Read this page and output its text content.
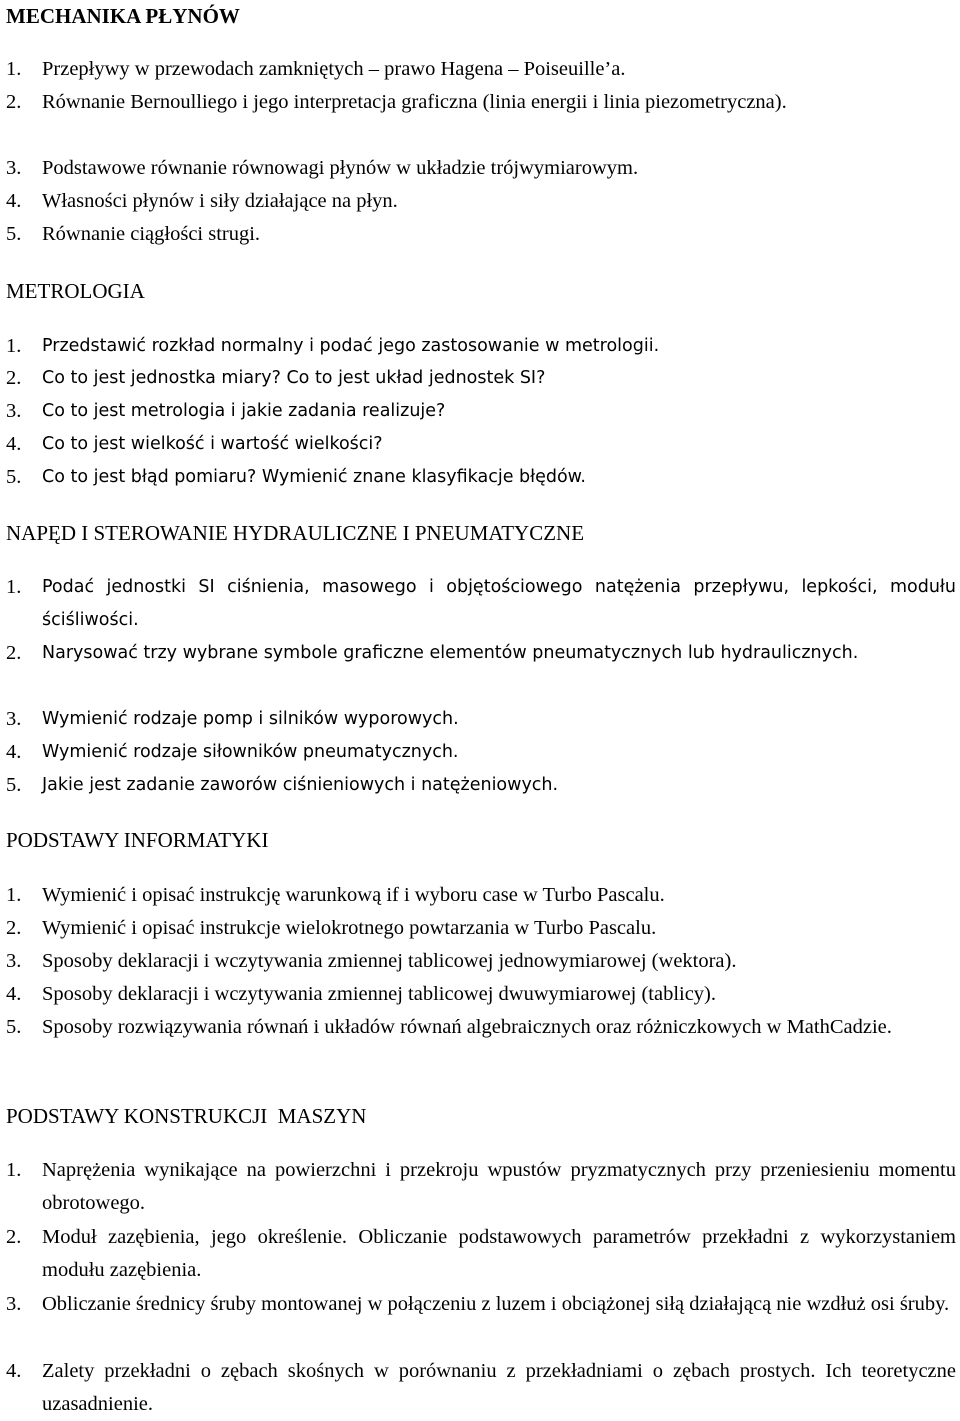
MECHANIKA PŁYNÓW
1. Przepływy w przewodach zamkniętych – prawo Hagena – Poiseuille’a.
2.	Równanie Bernoulliego i jego interpretacja graficzna (linia energii i linia piezometryczna).
3. Podstawowe równanie równowagi płynów w układzie trójwymiarowym.
4. Własności płynów i siły działające na płyn.
5. Równanie ciągłości strugi.
METROLOGIA
1. Przedstawić rozkład normalny i podać jego zastosowanie w metrologii.
2. Co to jest jednostka miary? Co to jest układ jednostek SI?
3. Co to jest metrologia i jakie zadania realizuje?
4. Co to jest wielkość i wartość wielkości?
5. Co to jest błąd pomiaru? Wymienić znane klasyfikacje błędów.
NAPĘD I STEROWANIE HYDRAULICZNE I PNEUMATYCZNE
1. Podać jednostki SI ciśnienia, masowego i objętościowego natężenia przepływu, lepkości, modułu ściśliwości.
2. Narysować trzy wybrane symbole graficzne elementów pneumatycznych lub hydraulicznych.
3. Wymienić rodzaje pomp i silników wyporowych.
4. Wymienić rodzaje siłowników pneumatycznych.
5. Jakie jest zadanie zaworów ciśnieniowych i natężeniowych.
PODSTAWY INFORMATYKI
1. Wymienić i opisać instrukcję warunkową if i wyboru case w Turbo Pascalu.
2. Wymienić i opisać instrukcje wielokrotnego powtarzania w Turbo Pascalu.
3. Sposoby deklaracji i wczytywania zmiennej tablicowej jednowymiarowej (wektora).
4. Sposoby deklaracji i wczytywania zmiennej tablicowej dwuwymiarowej (tablicy).
5. Sposoby rozwiązywania równań i układów równań algebraicznych oraz różniczkowych w MathCadzie.
PODSTAWY KONSTRUKCJI  MASZYN
1. Naprężenia wynikające na powierzchni i przekroju wpustów pryzmatycznych przy przeniesieniu momentu obrotowego.
2. Moduł zazębienia, jego określenie. Obliczanie podstawowych parametrów przekładni z wykorzystaniem modułu zazębienia.
3. Obliczanie średnicy śruby montowanej w połączeniu z luzem i obciążonej siłą działającą nie wzdłuż osi śruby.
4. Zalety przekładni o zębach skośnych w porównaniu z przekładniami o zębach prostych. Ich teoretyczne uzasadnienie.
